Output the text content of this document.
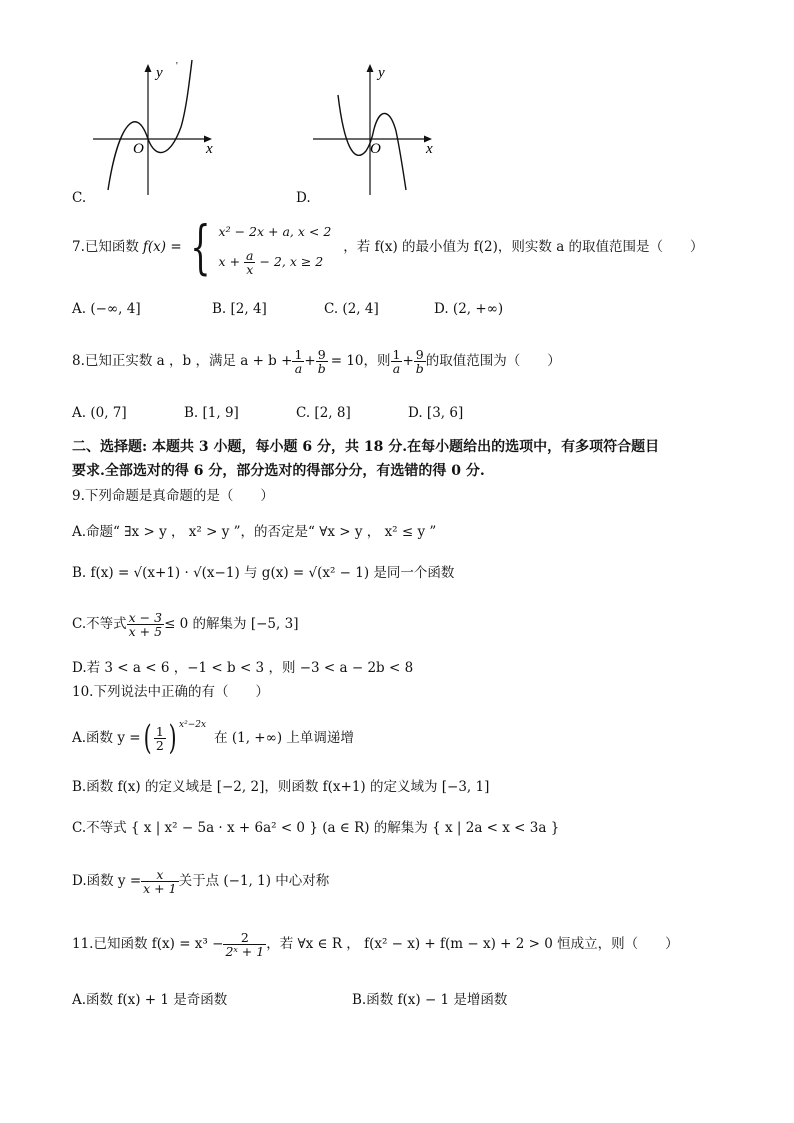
y
x
O
'
C.
y
x
O
D.
7.已知函数 f(x) = { x² − 2x + a, x < 2
$x + \frac{a}{x} - 2$, x ≥ 2
，若 f(x) 的最小值为 f(2)，则实数 a 的取值范围是（　　）
A. (−∞, 4]	B. [2, 4]	C. (2, 4]	D. (2, +∞)
8.已知正实数 a ，b ，满足 $a + b + \frac{1}{a} + \frac{9}{b} = 10$，则 $\frac{1}{a} + \frac{9}{b}$ 的取值范围为（　　）
A. (0, 7]	B. [1, 9]	C. [2, 8]	D. [3, 6]
二、选择题: 本题共 3 小题，每小题 6 分，共 18 分.在每小题给出的选项中，有多项符合题目
要求.全部选对的得 6 分，部分选对的得部分分，有选错的得 0 分.
9.下列命题是真命题的是（　　）
A.命题“ ∃x > y ， x² > y ”，的否定是“ ∀x > y ， x² ≤ y ”
B. f(x) = √(x+1) · √(x−1) 与 g(x) = √(x² − 1) 是同一个函数
C.不等式 $\frac{x - 3}{x + 5} \le 0$ 的解集为 [−5, 3]
D.若 3 < a < 6 ，−1 < b < 3 ，则 −3 < a − 2b < 8
10.下列说法中正确的有（　　）
A.函数 y = ( $\frac{1}{2}$ ) x²−2x
在 (1, +∞) 上单调递增
B.函数 f(x) 的定义域是 [−2, 2]，则函数 f(x+1) 的定义域为 [−3, 1]
C.不等式 { x | x² − 5a · x + 6a² < 0 } (a ∈ R) 的解集为 { x | 2a < x < 3a }
D.函数 $y = \frac{x}{x + 1}$ 关于点 (−1, 1) 中心对称
11.已知函数 $f(x) = x^3 - \frac{2}{\text{2ˣ + 1}}$ ，若 ∀x ∈ R ， f(x² − x) + f(m − x) + 2 > 0 恒成立，则（　　）
A.函数 f(x) + 1 是奇函数	B.函数 f(x) − 1 是增函数
